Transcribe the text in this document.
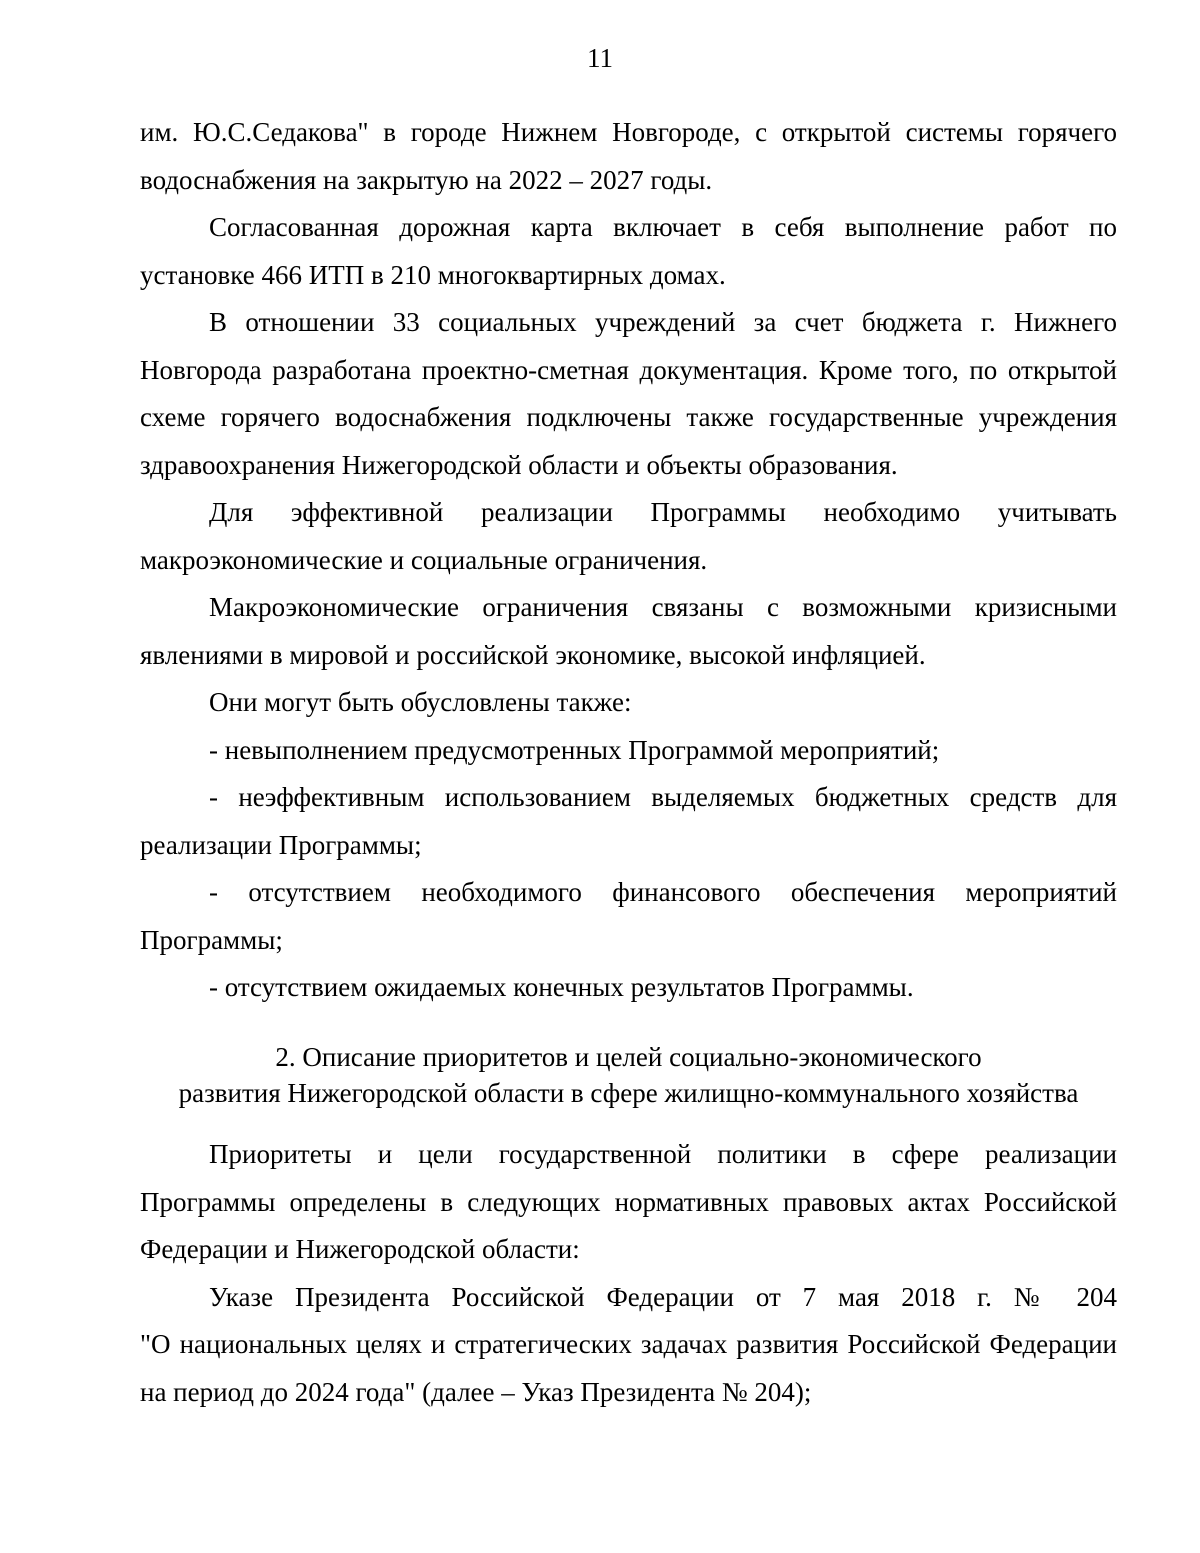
11
им. Ю.С.Седакова" в городе Нижнем Новгороде, с открытой системы горячего
водоснабжения на закрытую на 2022 – 2027 годы.
Согласованная дорожная карта включает в себя выполнение работ по
установке 466 ИТП в 210 многоквартирных домах.
В отношении 33 социальных учреждений за счет бюджета г. Нижнего
Новгорода разработана проектно-сметная документация. Кроме того, по открытой
схеме горячего водоснабжения подключены также государственные учреждения
здравоохранения Нижегородской области и объекты образования.
Для эффективной реализации Программы необходимо учитывать
макроэкономические и социальные ограничения.
Макроэкономические ограничения связаны с возможными кризисными
явлениями в мировой и российской экономике, высокой инфляцией.
Они могут быть обусловлены также:
- невыполнением предусмотренных Программой мероприятий;
- неэффективным использованием выделяемых бюджетных средств для
реализации Программы;
- отсутствием необходимого финансового обеспечения мероприятий
Программы;
- отсутствием ожидаемых конечных результатов Программы.
2. Описание приоритетов и целей социально-экономического
развития Нижегородской области в сфере жилищно-коммунального хозяйства
Приоритеты и цели государственной политики в сфере реализации
Программы определены в следующих нормативных правовых актах Российской
Федерации и Нижегородской области:
Указе Президента Российской Федерации от 7 мая 2018 г. № 204
"О национальных целях и стратегических задачах развития Российской Федерации
на период до 2024 года" (далее – Указ Президента № 204);
